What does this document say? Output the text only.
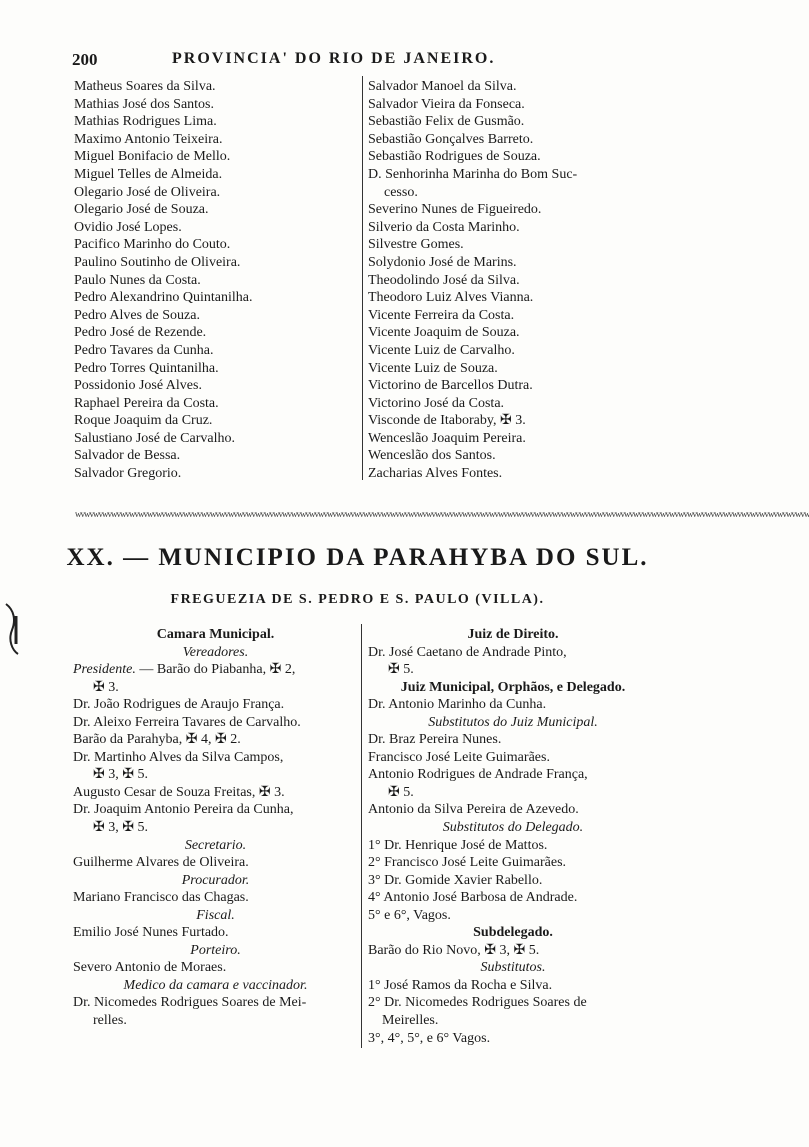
200	PROVINCIA' DO RIO DE JANEIRO.
Matheus Soares da Silva.
Mathias José dos Santos.
Mathias Rodrigues Lima.
Maximo Antonio Teixeira.
Miguel Bonifacio de Mello.
Miguel Telles de Almeida.
Olegario José de Oliveira.
Olegario José de Souza.
Ovidio José Lopes.
Pacifico Marinho do Couto.
Paulino Soutinho de Oliveira.
Paulo Nunes da Costa.
Pedro Alexandrino Quintanilha.
Pedro Alves de Souza.
Pedro José de Rezende.
Pedro Tavares da Cunha.
Pedro Torres Quintanilha.
Possidonio José Alves.
Raphael Pereira da Costa.
Roque Joaquim da Cruz.
Salustiano José de Carvalho.
Salvador de Bessa.
Salvador Gregorio.
Salvador Manoel da Silva.
Salvador Vieira da Fonseca.
Sebastião Felix de Gusmão.
Sebastião Gonçalves Barreto.
Sebastião Rodrigues de Souza.
D. Senhorinha Marinha do Bom Suc-
cesso.
Severino Nunes de Figueiredo.
Silverio da Costa Marinho.
Silvestre Gomes.
Solydonio José de Marins.
Theodolindo José da Silva.
Theodoro Luiz Alves Vianna.
Vicente Ferreira da Costa.
Vicente Joaquim de Souza.
Vicente Luiz de Carvalho.
Vicente Luiz de Souza.
Victorino de Barcellos Dutra.
Victorino José da Costa.
Visconde de Itaboraby, ✠ 3.
Wenceslão Joaquim Pereira.
Wenceslão dos Santos.
Zacharias Alves Fontes.
wvwvwvwvwvwvwvwvwvwvwvwvwvwvwvwvwvwvwvwvwvwvwvwvwvwvwvwvwvwvwvwvwvwvwvwvwvwvwvwvwvwvwvwvwvwvwvwvwvwvwvwvwvwvwvwvwvwvwvwvwvwvwvwvwvwvwvwvwvwvwvwvwvwvwvwvwvwvwvwvwvw
XX. — MUNICIPIO DA PARAHYBA DO SUL.
FREGUEZIA DE S. PEDRO E S. PAULO (VILLA).
Camara Municipal.
Vereadores.
Presidente. — Barão do Piabanha, ✠ 2,
✠ 3.
Dr. João Rodrigues de Araujo França.
Dr. Aleixo Ferreira Tavares de Carvalho.
Barão da Parahyba, ✠ 4, ✠ 2.
Dr. Martinho Alves da Silva Campos,
✠ 3, ✠ 5.
Augusto Cesar de Souza Freitas, ✠ 3.
Dr. Joaquim Antonio Pereira da Cunha,
✠ 3, ✠ 5.
Secretario.
Guilherme Alvares de Oliveira.
Procurador.
Mariano Francisco das Chagas.
Fiscal.
Emilio José Nunes Furtado.
Porteiro.
Severo Antonio de Moraes.
Medico da camara e vaccinador.
Dr. Nicomedes Rodrigues Soares de Mei-
relles.
Juiz de Direito.
Dr. José Caetano de Andrade Pinto,
✠ 5.
Juiz Municipal, Orphãos, e Delegado.
Dr. Antonio Marinho da Cunha.
Substitutos do Juiz Municipal.
Dr. Braz Pereira Nunes.
Francisco José Leite Guimarães.
Antonio Rodrigues de Andrade França,
✠ 5.
Antonio da Silva Pereira de Azevedo.
Substitutos do Delegado.
1° Dr. Henrique José de Mattos.
2° Francisco José Leite Guimarães.
3° Dr. Gomide Xavier Rabello.
4° Antonio José Barbosa de Andrade.
5° e 6°, Vagos.
Subdelegado.
Barão do Rio Novo, ✠ 3, ✠ 5.
Substitutos.
1° José Ramos da Rocha e Silva.
2° Dr. Nicomedes Rodrigues Soares de
Meirelles.
3°, 4°, 5°, e 6° Vagos.
